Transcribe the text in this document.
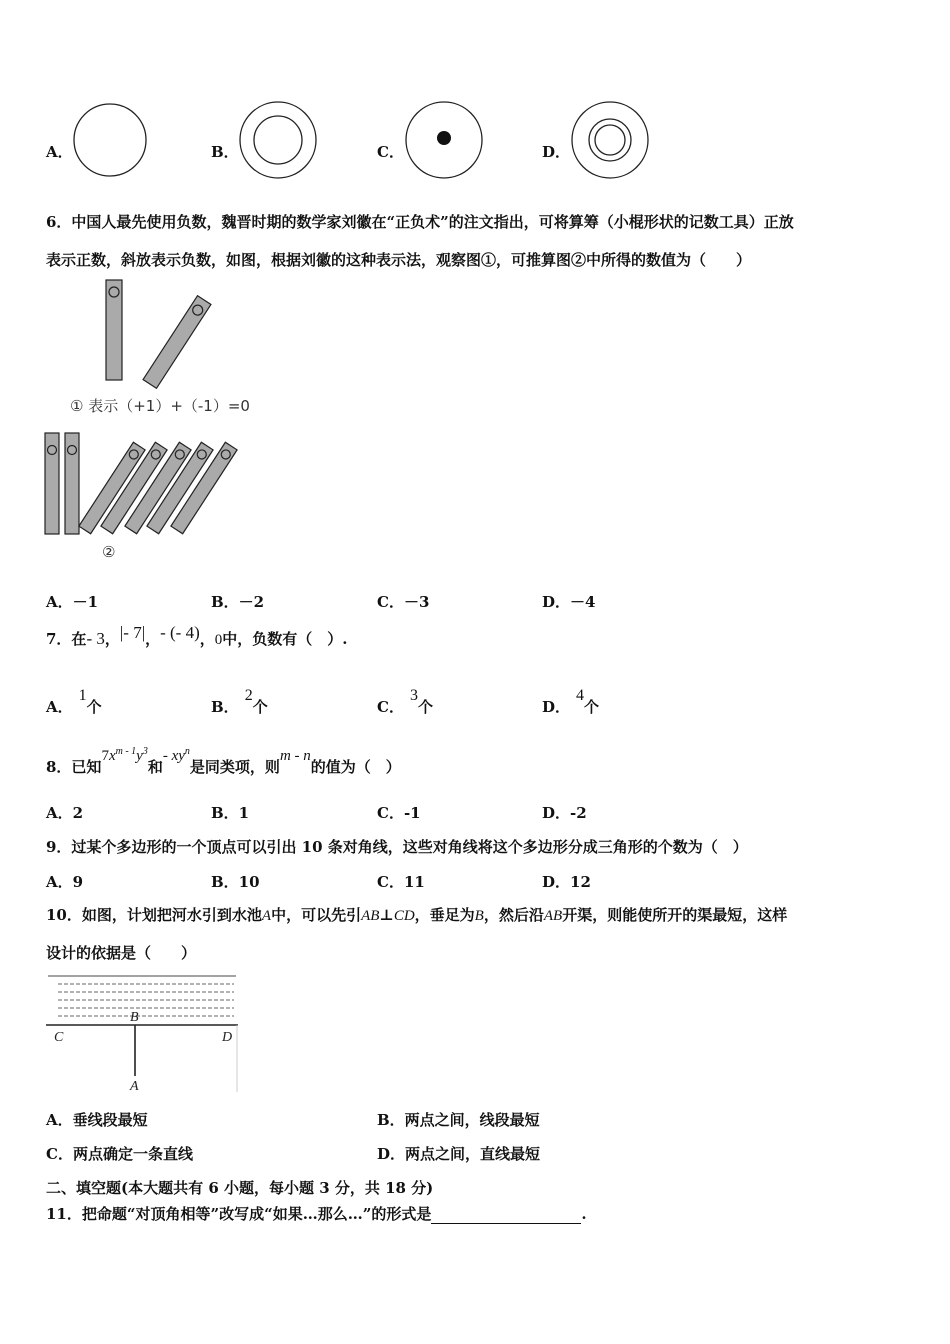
A．	B．	C．	D．
6．中国人最先使用负数，魏晋时期的数学家刘徽在“正负术”的注文指出，可将算筹（小棍形状的记数工具）正放
表示正数，斜放表示负数，如图，根据刘徽的这种表示法，观察图①，可推算图②中所得的数值为（　　）
① 表示（+1）+（-1）=0
②
A．－1	B．－2	C．－3	D．－4
7．在- 3，|- 7|，- (- 4)，0中，负数有（　）.
A．1个	B．2个	C．3个	D．4个
8．已知$7x^{m - 1}y^3$和- $xy^n$是同类项，则m - n的值为（　）
A．2	B．1	C．-1	D．-2
9．过某个多边形的一个顶点可以引出 10 条对角线，这些对角线将这个多边形分成三角形的个数为（　）
A．9	B．10	C．11	D．12
10．如图，计划把河水引到水池A中，可以先引AB⊥CD，垂足为B，然后沿AB开渠，则能使所开的渠最短，这样
设计的依据是（　　）
B
C	D
A
A．垂线段最短	B．两点之间，线段最短
C．两点确定一条直线	D．两点之间，直线最短
二、填空题(本大题共有 6 小题，每小题 3 分，共 18 分)
11．把命题“对顶角相等”改写成“如果…那么…”的形式是	.
